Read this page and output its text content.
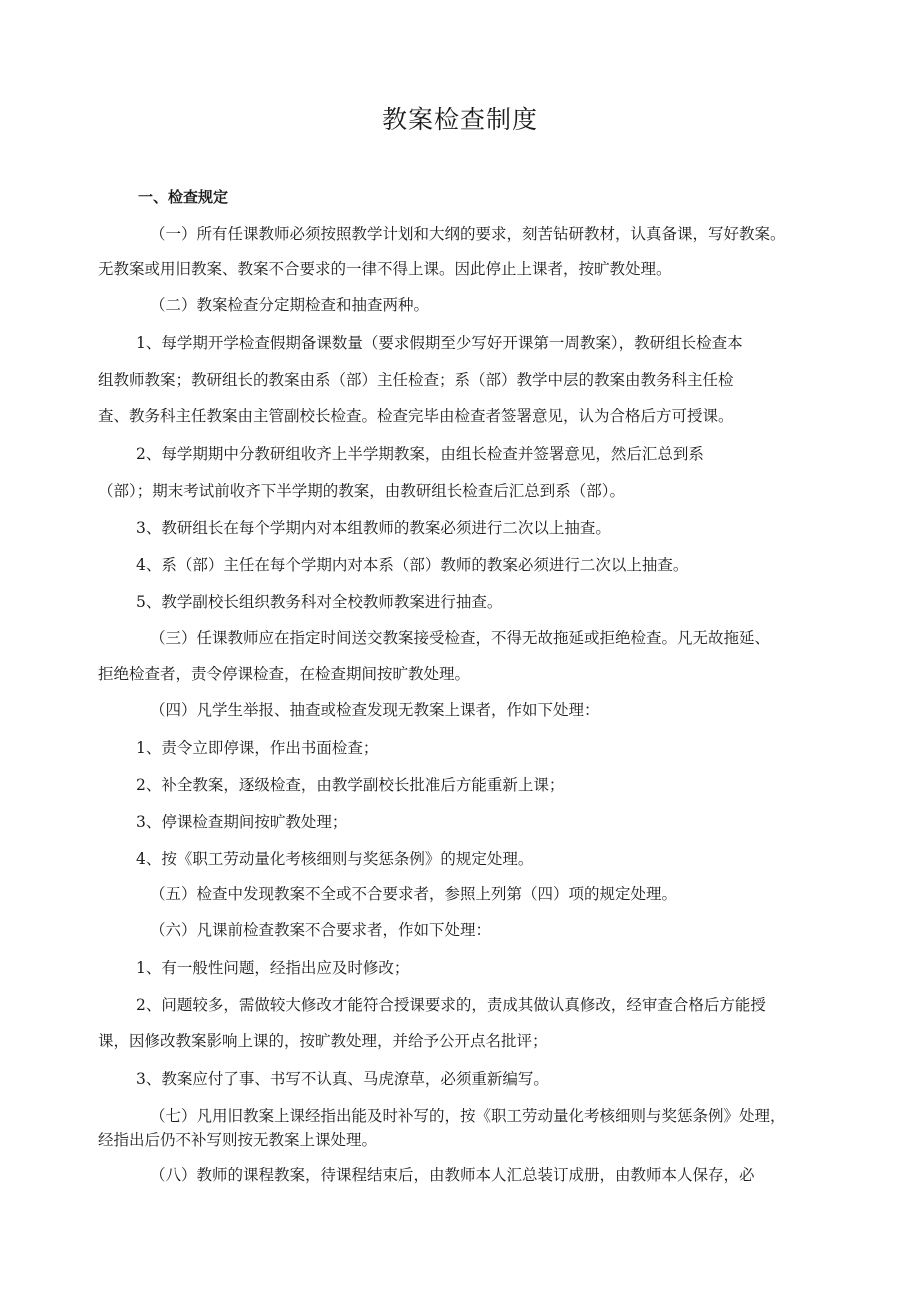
教案检查制度
一、检查规定
（一）所有任课教师必须按照教学计划和大纲的要求，刻苦钻研教材，认真备课，写好教案。
无教案或用旧教案、教案不合要求的一律不得上课。因此停止上课者，按旷教处理。
（二）教案检查分定期检查和抽查两种。
1、每学期开学检查假期备课数量（要求假期至少写好开课第一周教案），教研组长检查本
组教师教案；教研组长的教案由系（部）主任检查；系（部）教学中层的教案由教务科主任检
查、教务科主任教案由主管副校长检查。检查完毕由检查者签署意见，认为合格后方可授课。
2、每学期期中分教研组收齐上半学期教案，由组长检查并签署意见，然后汇总到系
（部）；期末考试前收齐下半学期的教案，由教研组长检查后汇总到系（部）。
3、教研组长在每个学期内对本组教师的教案必须进行二次以上抽查。
4、系（部）主任在每个学期内对本系（部）教师的教案必须进行二次以上抽查。
5、教学副校长组织教务科对全校教师教案进行抽查。
（三）任课教师应在指定时间送交教案接受检查，不得无故拖延或拒绝检查。凡无故拖延、
拒绝检查者，责令停课检查，在检查期间按旷教处理。
（四）凡学生举报、抽查或检查发现无教案上课者，作如下处理：
1、责令立即停课，作出书面检查；
2、补全教案，逐级检查，由教学副校长批准后方能重新上课；
3、停课检查期间按旷教处理；
4、按《职工劳动量化考核细则与奖惩条例》的规定处理。
（五）检查中发现教案不全或不合要求者，参照上列第（四）项的规定处理。
（六）凡课前检查教案不合要求者，作如下处理：
1、有一般性问题，经指出应及时修改；
2、问题较多，需做较大修改才能符合授课要求的，责成其做认真修改，经审查合格后方能授
课，因修改教案影响上课的，按旷教处理，并给予公开点名批评；
3、教案应付了事、书写不认真、马虎潦草，必须重新编写。
（七）凡用旧教案上课经指出能及时补写的，按《职工劳动量化考核细则与奖惩条例》处理，
经指出后仍不补写则按无教案上课处理。
（八）教师的课程教案，待课程结束后，由教师本人汇总装订成册，由教师本人保存，必
